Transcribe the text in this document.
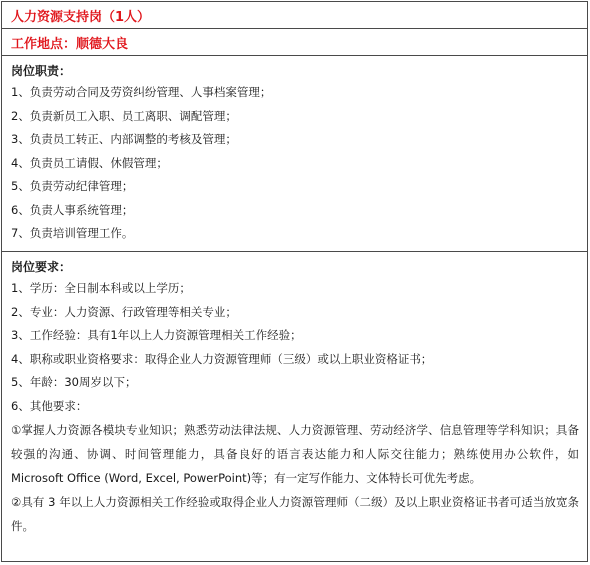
人力资源支持岗（1人）
工作地点：顺德大良
岗位职责：
1、负责劳动合同及劳资纠纷管理、人事档案管理；
2、负责新员工入职、员工离职、调配管理；
3、负责员工转正、内部调整的考核及管理；
4、负责员工请假、休假管理；
5、负责劳动纪律管理；
6、负责人事系统管理；
7、负责培训管理工作。
岗位要求：
1、学历：全日制本科或以上学历；
2、专业：人力资源、行政管理等相关专业；
3、工作经验：具有1年以上人力资源管理相关工作经验；
4、职称或职业资格要求：取得企业人力资源管理师（三级）或以上职业资格证书；
5、年龄：30周岁以下；
6、其他要求：
①掌握人力资源各模块专业知识；熟悉劳动法律法规、人力资源管理、劳动经济学、信息管理等学科知识；具备较强的沟通、协调、时间管理能力，具备良好的语言表达能力和人际交往能力；熟练使用办公软件，如 Microsoft Office (Word, Excel, PowerPoint)等；有一定写作能力、文体特长可优先考虑。
②具有 3 年以上人力资源相关工作经验或取得企业人力资源管理师（二级）及以上职业资格证书者可适当放宽条件。
